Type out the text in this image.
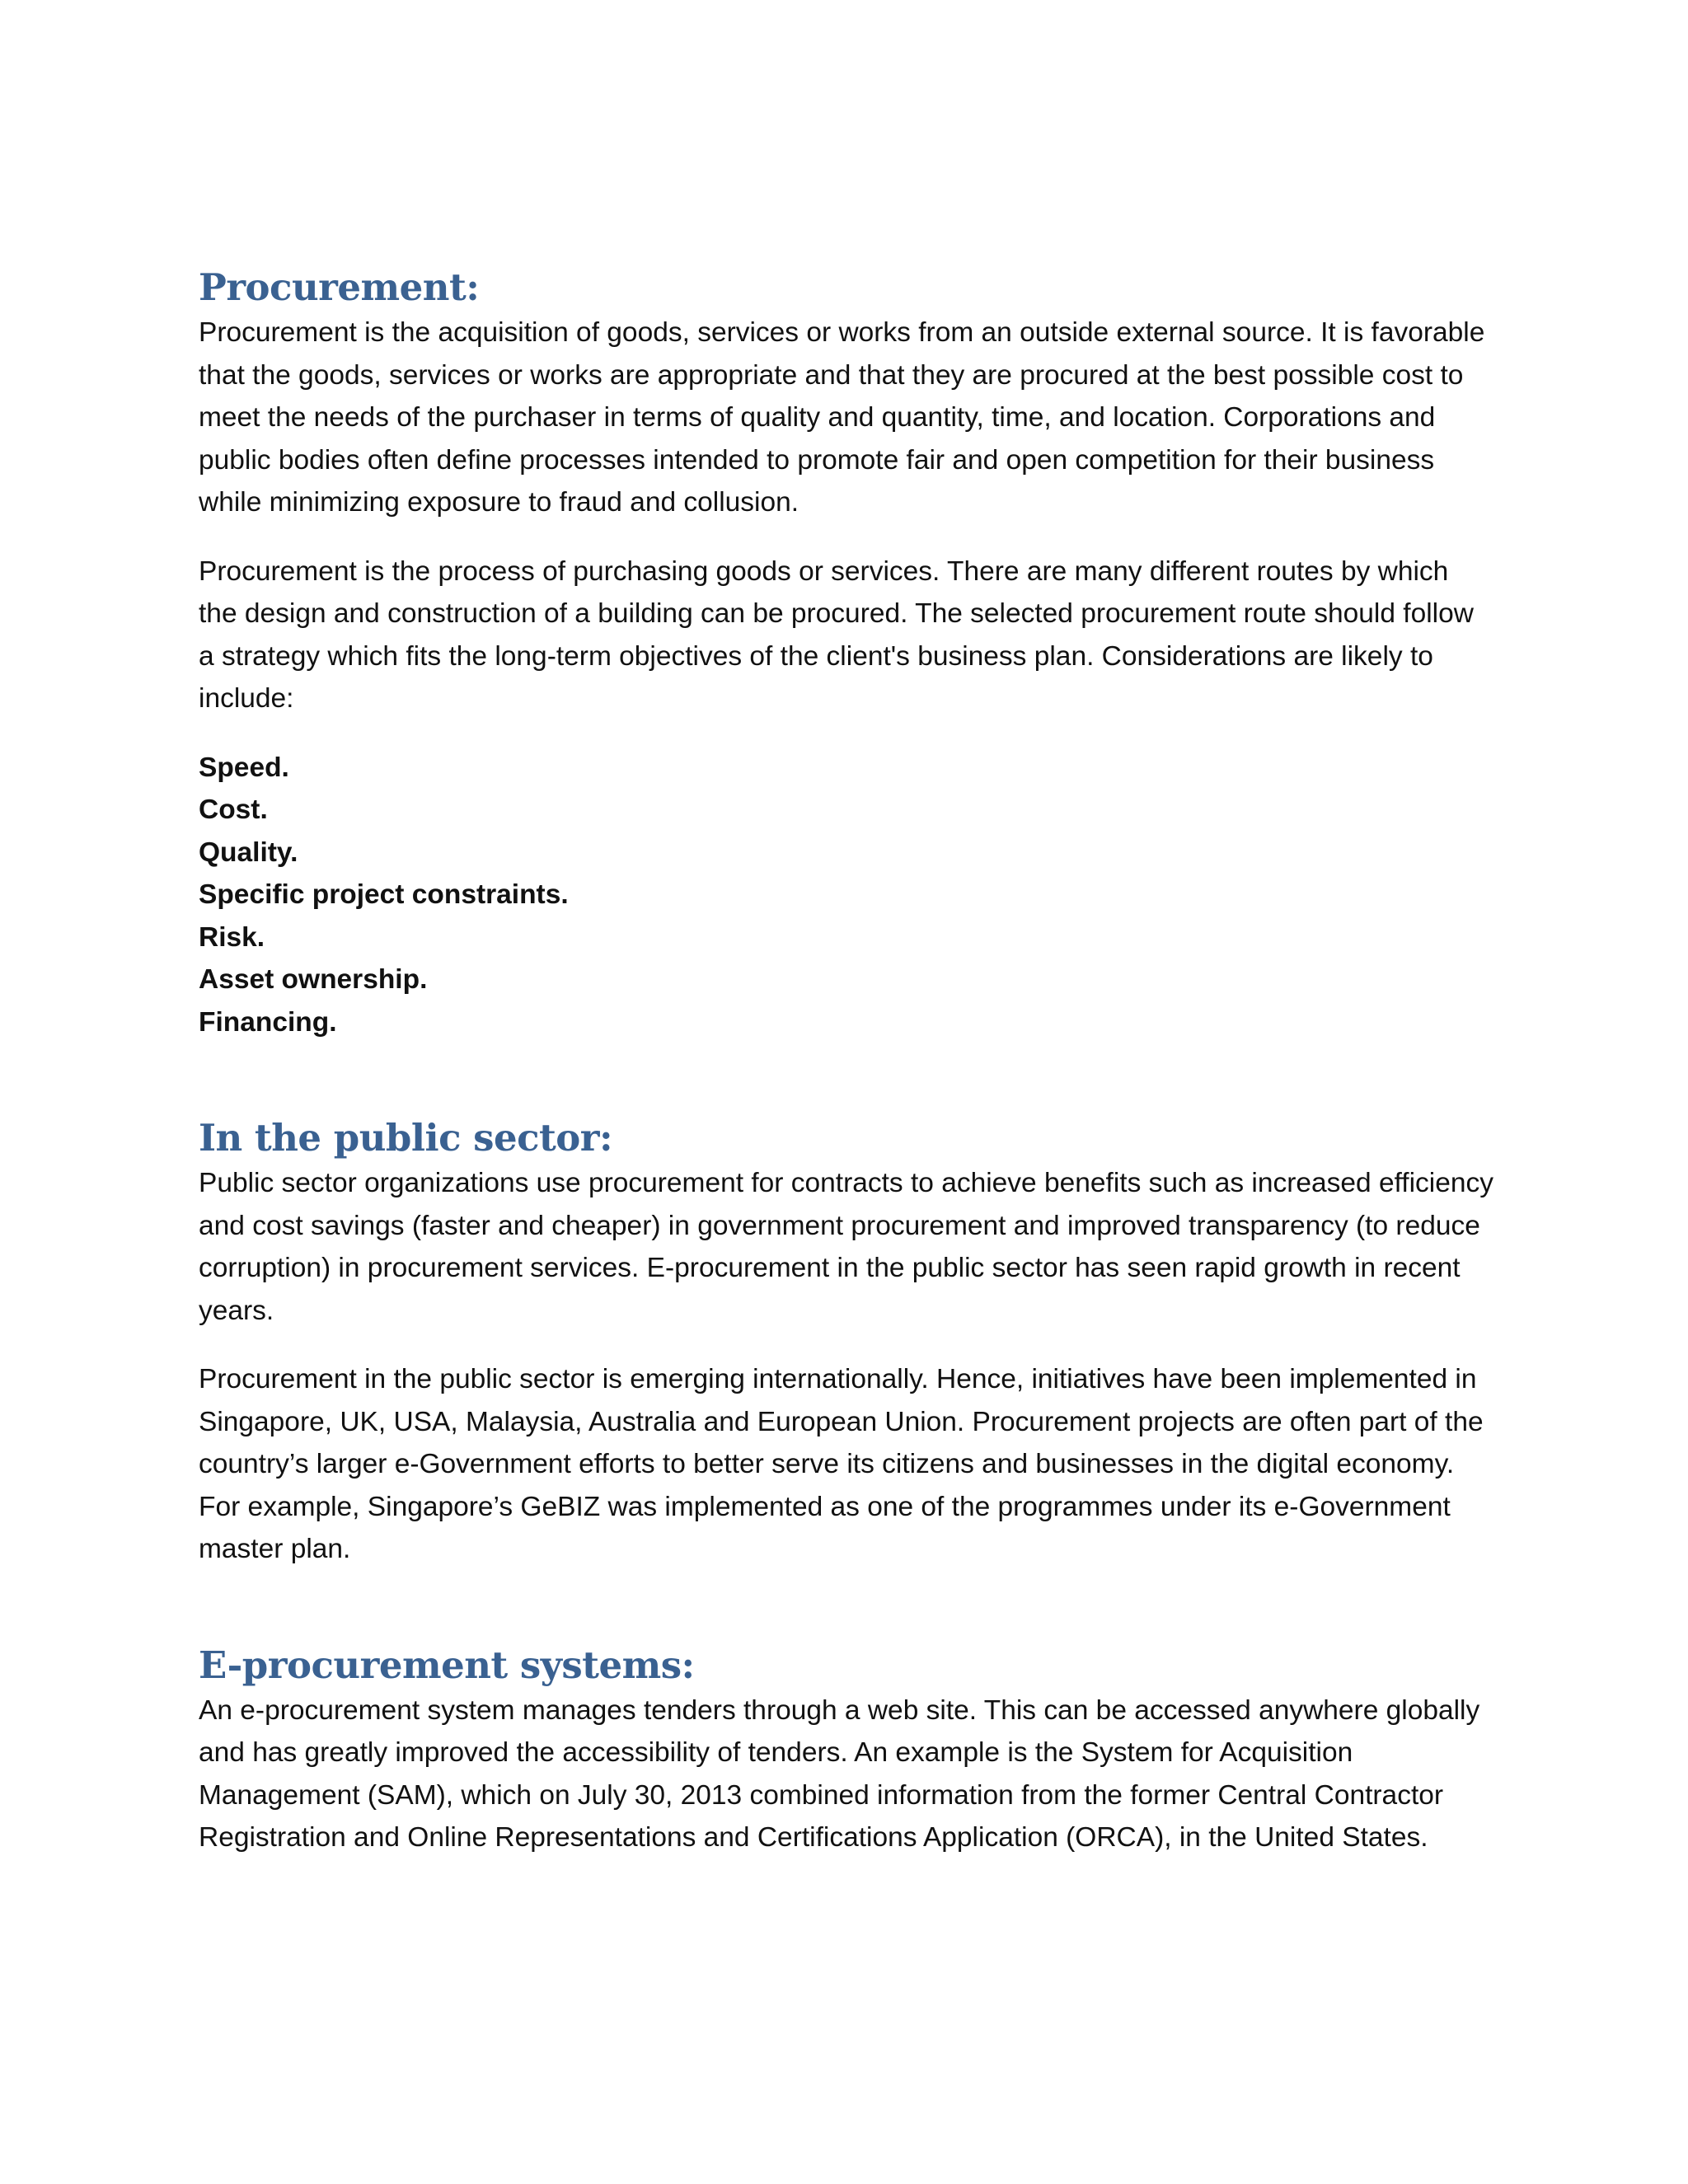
Procurement:

Procurement is the acquisition of goods, services or works from an outside external source. It is favorable that the goods, services or works are appropriate and that they are procured at the best possible cost to meet the needs of the purchaser in terms of quality and quantity, time, and location. Corporations and public bodies often define processes intended to promote fair and open competition for their business while minimizing exposure to fraud and collusion.

Procurement is the process of purchasing goods or services. There are many different routes by which the design and construction of a building can be procured. The selected procurement route should follow a strategy which fits the long-term objectives of the client's business plan. Considerations are likely to include:

Speed.
Cost.
Quality.
Specific project constraints.
Risk.
Asset ownership.
Financing.
In the public sector:

Public sector organizations use procurement for contracts to achieve benefits such as increased efficiency and cost savings (faster and cheaper) in government procurement and improved transparency (to reduce corruption) in procurement services. E-procurement in the public sector has seen rapid growth in recent years.

Procurement in the public sector is emerging internationally. Hence, initiatives have been implemented in Singapore, UK, USA, Malaysia, Australia and European Union. Procurement projects are often part of the country’s larger e-Government efforts to better serve its citizens and businesses in the digital economy. For example, Singapore’s GeBIZ was implemented as one of the programmes under its e-Government master plan.

E-procurement systems:

An e-procurement system manages tenders through a web site. This can be accessed anywhere globally and has greatly improved the accessibility of tenders. An example is the System for Acquisition Management (SAM), which on July 30, 2013 combined information from the former Central Contractor Registration and Online Representations and Certifications Application (ORCA), in the United States.
